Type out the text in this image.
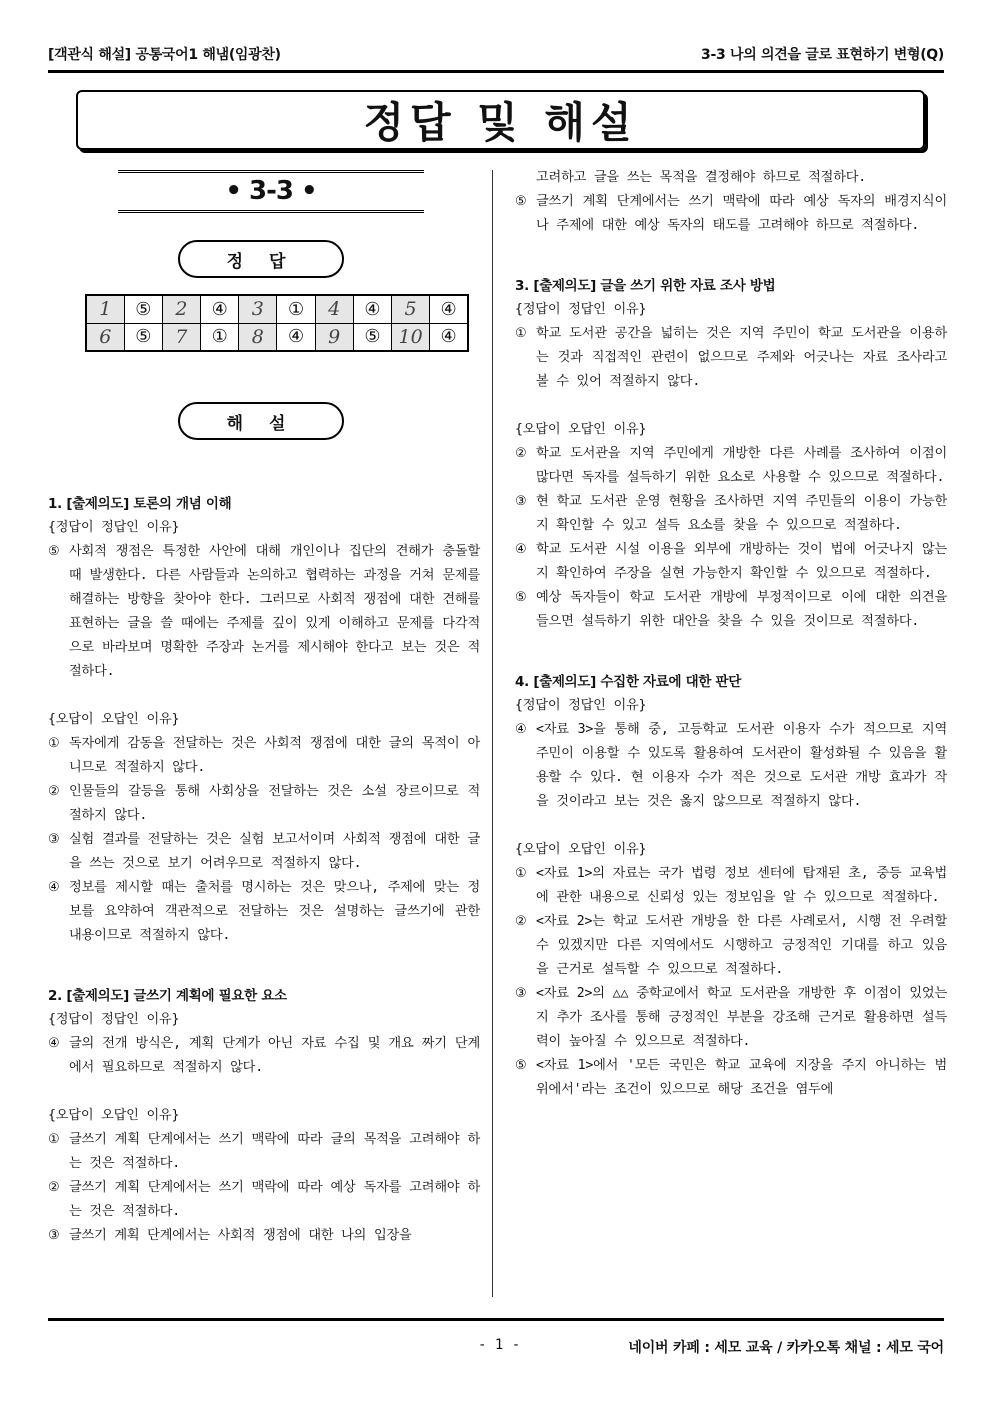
[객관식 해설] 공통국어1 해냄(임광찬)	3-3 나의 의견을 글로 표현하기 변형(Q)
정답 및 해설
• 3-3 •
정 답
1	⑤	2	④	3	①	4	④	5	④
6	⑤	7	①	8	④	9	⑤	10	④
해 설

1. [출제의도] 토론의 개념 이해

{정답이 정답인 이유}

⑤ 사회적 쟁점은 특정한 사안에 대해 개인이나 집단의 견해가 충돌할 때 발생한다. 다른 사람들과 논의하고 협력하는 과정을 거쳐 문제를 해결하는 방향을 찾아야 한다. 그러므로 사회적 쟁점에 대한 견해를 표현하는 글을 쓸 때에는 주제를 깊이 있게 이해하고 문제를 다각적으로 바라보며 명확한 주장과 논거를 제시해야 한다고 보는 것은 적절하다.

{오답이 오답인 이유}

① 독자에게 감동을 전달하는 것은 사회적 쟁점에 대한 글의 목적이 아니므로 적절하지 않다.
② 인물들의 갈등을 통해 사회상을 전달하는 것은 소설 장르이므로 적절하지 않다.
③ 실험 결과를 전달하는 것은 실험 보고서이며 사회적 쟁점에 대한 글을 쓰는 것으로 보기 어려우므로 적절하지 않다.
④ 정보를 제시할 때는 출처를 명시하는 것은 맞으나, 주제에 맞는 정보를 요약하여 객관적으로 전달하는 것은 설명하는 글쓰기에 관한 내용이므로 적절하지 않다.

2. [출제의도] 글쓰기 계획에 필요한 요소

{정답이 정답인 이유}

④ 글의 전개 방식은, 계획 단계가 아닌 자료 수집 및 개요 짜기 단계에서 필요하므로 적절하지 않다.

{오답이 오답인 이유}

① 글쓰기 계획 단계에서는 쓰기 맥락에 따라 글의 목적을 고려해야 하는 것은 적절하다.
② 글쓰기 계획 단계에서는 쓰기 맥락에 따라 예상 독자를 고려해야 하는 것은 적절하다.
③ 글쓰기 계획 단계에서는 사회적 쟁점에 대한 나의 입장을

고려하고 글을 쓰는 목적을 결정해야 하므로 적절하다.

⑤ 글쓰기 계획 단계에서는 쓰기 맥락에 따라 예상 독자의 배경지식이나 주제에 대한 예상 독자의 태도를 고려해야 하므로 적절하다.

3. [출제의도] 글을 쓰기 위한 자료 조사 방법

{정답이 정답인 이유}

① 학교 도서관 공간을 넓히는 것은 지역 주민이 학교 도서관을 이용하는 것과 직접적인 관련이 없으므로 주제와 어긋나는 자료 조사라고 볼 수 있어 적절하지 않다.

{오답이 오답인 이유}

② 학교 도서관을 지역 주민에게 개방한 다른 사례를 조사하여 이점이 많다면 독자를 설득하기 위한 요소로 사용할 수 있으므로 적절하다.
③ 현 학교 도서관 운영 현황을 조사하면 지역 주민들의 이용이 가능한지 확인할 수 있고 설득 요소를 찾을 수 있으므로 적절하다.
④ 학교 도서관 시설 이용을 외부에 개방하는 것이 법에 어긋나지 않는지 확인하여 주장을 실현 가능한지 확인할 수 있으므로 적절하다.
⑤ 예상 독자들이 학교 도서관 개방에 부정적이므로 이에 대한 의견을 들으면 설득하기 위한 대안을 찾을 수 있을 것이므로 적절하다.

4. [출제의도] 수집한 자료에 대한 판단

{정답이 정답인 이유}

④ <자료 3>을 통해 중, 고등학교 도서관 이용자 수가 적으므로 지역 주민이 이용할 수 있도록 활용하여 도서관이 활성화될 수 있음을 활용할 수 있다. 현 이용자 수가 적은 것으로 도서관 개방 효과가 작을 것이라고 보는 것은 옳지 않으므로 적절하지 않다.

{오답이 오답인 이유}

① <자료 1>의 자료는 국가 법령 정보 센터에 탑재된 초, 중등 교육법에 관한 내용으로 신뢰성 있는 정보임을 알 수 있으므로 적절하다.
② <자료 2>는 학교 도서관 개방을 한 다른 사례로서, 시행 전 우려할 수 있겠지만 다른 지역에서도 시행하고 긍정적인 기대를 하고 있음을 근거로 설득할 수 있으므로 적절하다.
③ <자료 2>의 △△ 중학교에서 학교 도서관을 개방한 후 이점이 있었는지 추가 조사를 통해 긍정적인 부분을 강조해 근거로 활용하면 설득력이 높아질 수 있으므로 적절하다.
⑤ <자료 1>에서 '모든 국민은 학교 교육에 지장을 주지 아니하는 범위에서'라는 조건이 있으므로 해당 조건을 염두에
- 1 -	네이버 카페 : 세모 교육 / 카카오톡 채널 : 세모 국어
